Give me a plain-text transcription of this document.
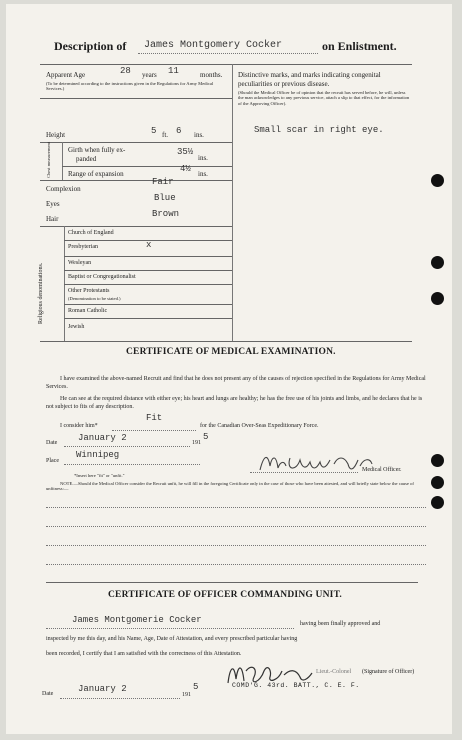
Description of James Montgomery Cocker	on Enlistment.
Apparent Age	28 years 11	months.
(To be determined according to the instructions given in the Regulations for Army Medical Services.)
Height	5 ft. 6 ins.
Chest measurement Girth when fully ex-
panded
35½
ins.
Range of expansion	4½ ins.
Complexion
Fair
Eyes
Blue
Hair	Brown
Religious denominations.
Church of England
Presbyterian	x
Wesleyan
Baptist or Congregationalist
Other Protestants
(Denomination to be stated.)
Roman Catholic
Jewish
Distinctive marks, and marks indicating congenital
peculiarities or previous disease.
(Should the Medical Officer be of opinion that the recruit has served before, he will, unless the man acknowledges to any previous service, attach a slip to that effect, for the information of the Approving Officer).
Small scar in right eye.
CERTIFICATE OF MEDICAL EXAMINATION.
I have examined the above-named Recruit and find that he does not present any of the causes of rejection specified in the Regulations for Army Medical Services.
He can see at the required distance with either eye; his heart and lungs are healthy; he has the free use of his joints and limbs, and he declares that he is not subject to fits of any description.
I consider him*
Fit
for the Canadian Over-Seas Expeditionary Force.
Date January 2	191
5
Place
Winnipeg
Medical Officer.
*Insert here "fit" or "unfit."
NOTE.—Should the Medical Officer consider the Recruit unfit, he will fill in the foregoing Certificate only in the case of those who have been attested, and will briefly state below the cause of unfitness:—
CERTIFICATE OF OFFICER COMMANDING UNIT.
James Montgomerie Cocker	having been finally approved and
inspected by me this day, and his Name, Age, Date of Attestation, and every prescribed particular having
been recorded, I certify that I am satisfied with the correctness of this Attestation.
Lieut.-Colonel (Signature of Officer)
COMD'G. 43rd. BATT., C. E. F.
Date	January 2
191
5
